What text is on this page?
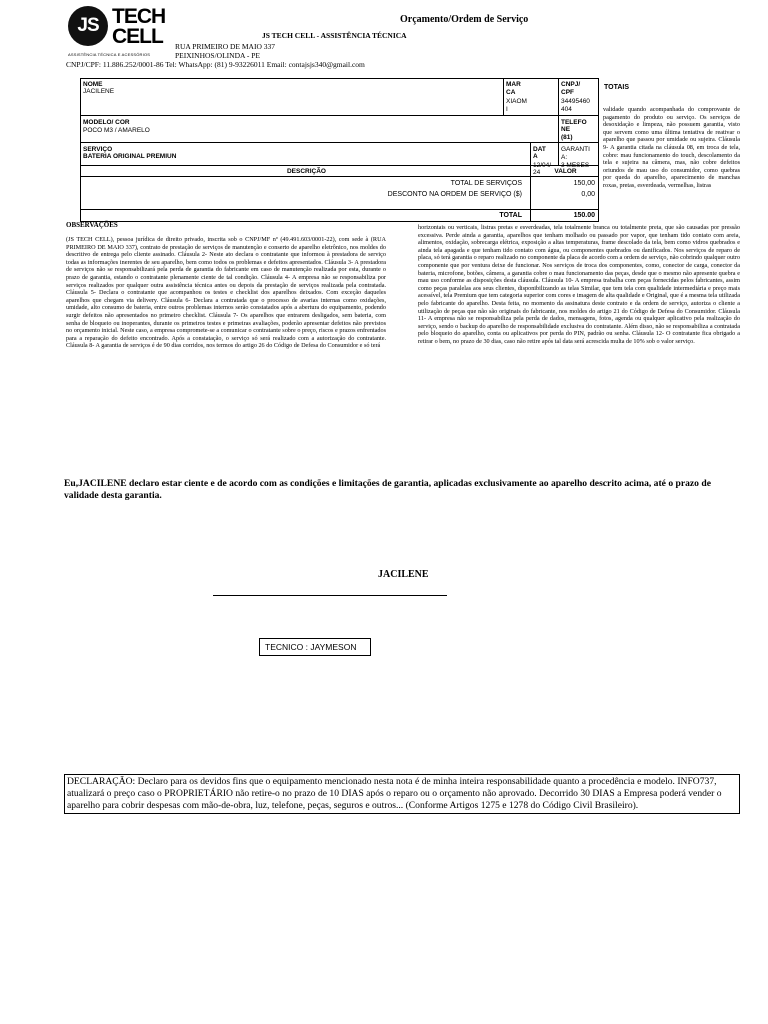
JS TECH
CELL
ASSISTÊNCIA TÉCNICA E ACESSÓRIOS
Orçamento/Ordem de Serviço
JS TECH CELL - ASSISTÊNCIA TÉCNICA
RUA PRIMEIRO DE MAIO 337
PEIXINHOS/OLINDA - PE
CNPJ/CPF: 11.886.252/0001-86 Tel: WhatsApp: (81) 9-93226011 Email: contajsjs340@gmail.com
NOME
JACILENE
MAR
CA
XIAOM
I
CNPJ/
CPF
34495460
404
MODELO/ COR
POCO M3 / AMARELO
TELEFO
NE
(81)
SERVIÇO
BATERIA ORIGINAL PREMIUN
DAT
A
12/04/
24
GARANTI
A:
3 MESES
DESCRIÇÃO	VALOR
TOTAL DE SERVIÇOS
DESCONTO NA ORDEM DE SERVIÇO ($)
150,00
0,00
TOTAL	150.00
TOTAIS
validade quando acompanhada do comprovante de pagamento do produto ou serviço. Os serviços de desoxidação e limpeza, não possuem garantia, visto que servem como uma última tentativa de reativar o aparelho que passou por umidade ou sujeira. Cláusula 9- A garantia citada na cláusula 08, em troca de tela, cobre: mau funcionamento do touch, descolamento da tela e sujeira na câmera, mas, não cobre defeitos oriundos de mau uso do consumidor, como quebras por queda do aparelho, aparecimento de manchas roxas, pretas, esverdeada, vermelhas, listras
OBSERVAÇÕES
(JS TECH CELL), pessoa jurídica de direito privado, inscrita sob o CNPJ/MF nº (49.491.603/0001-22), com sede à (RUA PRIMEIRO DE MAIO 337), contrato de prestação de serviços de manutenção e conserto de aparelho eletrônico, nos moldes do descritivo de entrega pelo cliente assinado. Cláusula 2- Neste ato declara o contratante que informou à prestadora de serviço todas as informações inerentes de seu aparelho, bem como todos os problemas e defeitos apresentados. Cláusula 3- A prestadora de serviços não se responsabilizará pela perda de garantia do fabricante em caso de manutenção realizada por esta, durante o prazo de garantia, estando o contratante plenamente ciente de tal condição. Cláusula 4- A empresa não se responsabiliza por serviços realizados por qualquer outra assistência técnica antes ou depois da prestação de serviços realizada pela contratada. Cláusula 5- Declara o contratante que acompanhou os testes e checklist dos aparelhos deixados. Com exceção daqueles aparelhos que chegam via delivery. Cláusula 6- Declara a contratada que o processo de avarias internas como oxidações, umidade, alto consumo de bateria, entre outros problemas internos serão constatados após a abertura do equipamento, podendo surgir defeitos não apresentados no primeiro checklist. Cláusula 7- Os aparelhos que entrarem desligados, sem bateria, com senha de bloqueio ou inoperantes, durante os primeiros testes e primeiras avaliações, poderão apresentar defeitos não previstos no orçamento inicial. Neste caso, a empresa compromete-se a comunicar o contratante sobre o preço, riscos e prazos enfrentados para a reparação do defeito encontrado. Após a constatação, o serviço só será realizado com a autorização do contratante. Cláusula 8- A garantia de serviços é de 90 dias corridos, nos termos do artigo 26 do Código de Defesa do Consumidor e só terá
horizontais ou verticais, listras pretas e esverdeadas, tela totalmente branca ou totalmente preta, que são causadas por pressão excessiva. Perde ainda a garantia, aparelhos que tenham molhado ou passado por vapor, que tenham tido contato com areia, alimentos, oxidação, sobrecarga elétrica, exposição a altas temperaturas, frame descolado da tela, bem como vidros quebrados e ainda tela apagada e que tenham tido contato com água, ou componentes quebrados ou danificados. Nos serviços de reparo de placa, só terá garantia o reparo realizado no componente da placa de acordo com a ordem de serviço, não cobrindo qualquer outro componente que por ventura deixe de funcionar. Nos serviços de troca dos componentes, como, conector de carga, conector da bateria, microfone, botões, câmera, a garantia cobre o mau funcionamento das peças, desde que o mesmo não apresente quebra e mau uso conforme as disposições desta cláusula. Cláusula 10- A empresa trabalha com peças fornecidas pelos fabricantes, assim como peças paralelas aos seus clientes, disponibilizando as telas Similar, que tem tela com qualidade intermediária e preço mais acessível, tela Premium que tem categoria superior com cores e imagem de alta qualidade e Original, que é a mesma tela utilizada pelo fabricante do aparelho. Desta feita, no momento da assinatura deste contrato e da ordem de serviço, autoriza o cliente a utilização de peças que não são originais do fabricante, nos moldes do artigo 21 do Código de Defesa do Consumidor. Cláusula 11- A empresa não se responsabiliza pela perda de dados, mensagens, fotos, agenda ou qualquer aplicativo pela realização do serviço, sendo o backup do aparelho de responsabilidade exclusiva do contratante. Além disso, não se responsabiliza a contratada pelo bloqueio do aparelho, conta ou aplicativos por perda do PIN, padrão ou senha. Cláusula 12- O contratante fica obrigado a retirar o bem, no prazo de 30 dias, caso não retire após tal data será acrescida multa de 10% sob o valor serviço.
DECLARAÇÃO: Declaro para os devidos fins que o equipamento mencionado nesta nota é de minha inteira responsabilidade quanto a procedência e modelo. INFO737, atualizará o preço caso o PROPRIETÁRIO não retire-o no prazo de 10 DIAS após o reparo ou o orçamento não aprovado. Decorrido 30 DIAS a Empresa poderá vender o aparelho para cobrir despesas com mão-de-obra, luz, telefone, peças, seguros e outros... (Conforme Artigos 1275 e 1278 do Código Civil Brasileiro).
Eu,JACILENE declaro estar ciente e de acordo com as condições e limitações de garantia, aplicadas exclusivamente ao aparelho descrito acima, até o prazo de validade desta garantia.
JACILENE
TECNICO : JAYMESON
